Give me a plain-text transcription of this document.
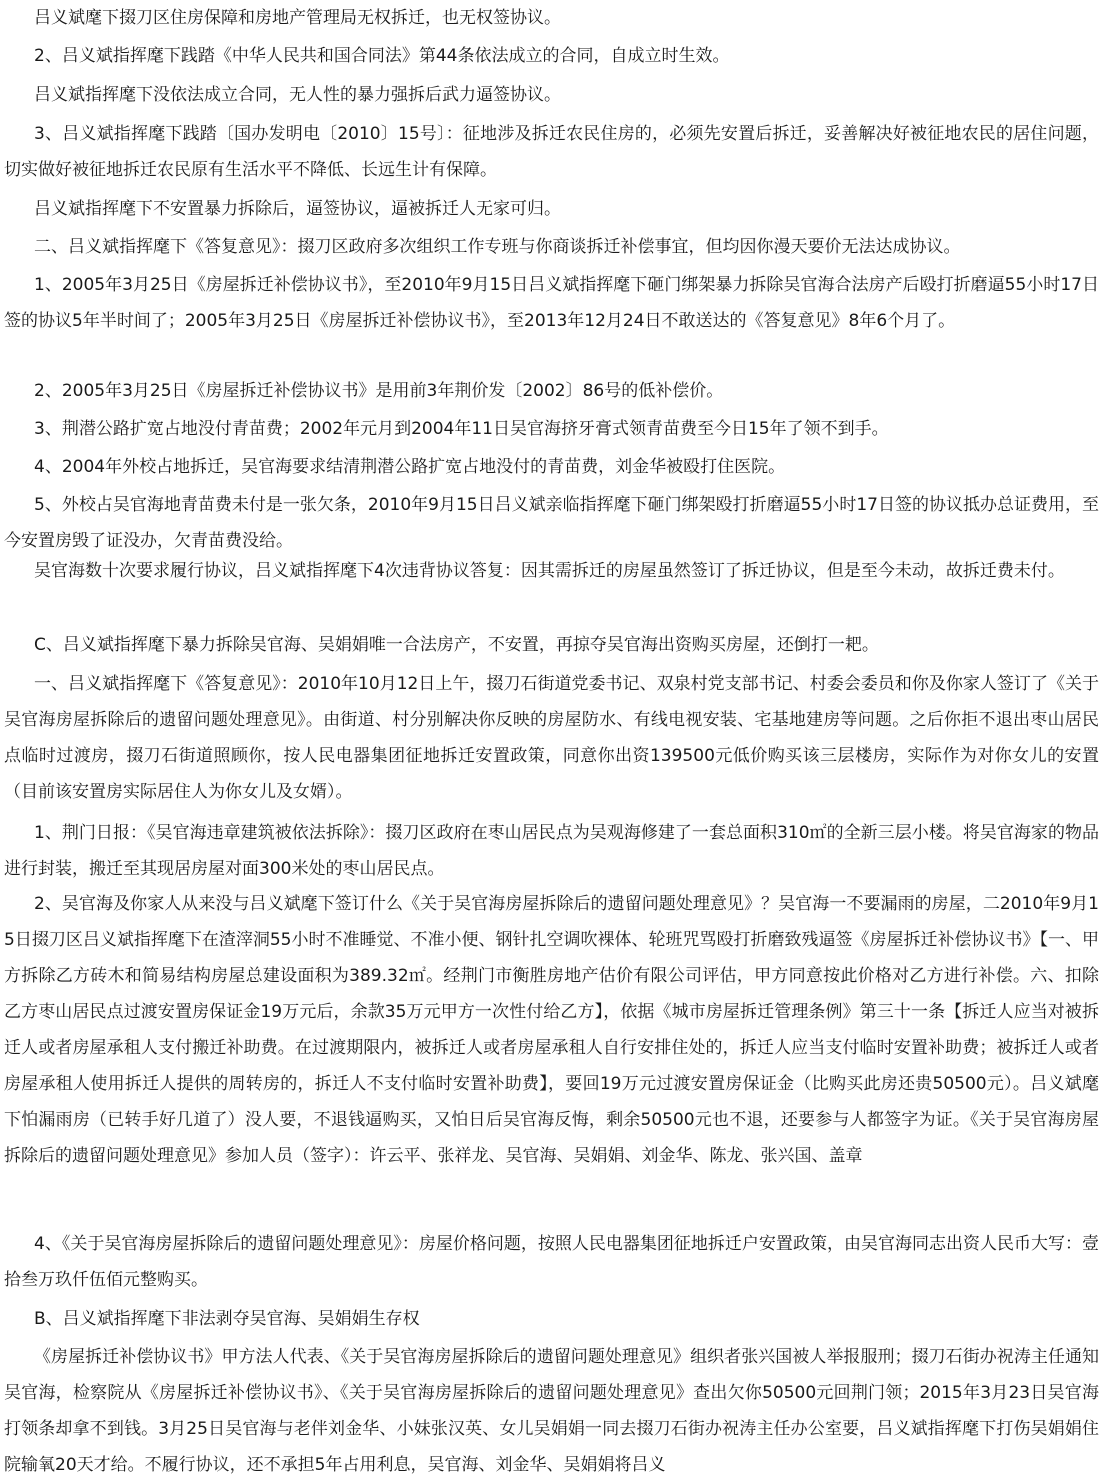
吕义斌麾下掇刀区住房保障和房地产管理局无权拆迁，也无权签协议。

2、吕义斌指挥麾下践踏《中华人民共和国合同法》第44条依法成立的合同，自成立时生效。

吕义斌指挥麾下没依法成立合同，无人性的暴力强拆后武力逼签协议。

3、吕义斌指挥麾下践踏〔国办发明电〔2010〕15号〕：征地涉及拆迁农民住房的，必须先安置后拆迁，妥善解决好被征地农民的居住问题，切实做好被征地拆迁农民原有生活水平不降低、长远生计有保障。

吕义斌指挥麾下不安置暴力拆除后，逼签协议，逼被拆迁人无家可归。

二、吕义斌指挥麾下《答复意见》：掇刀区政府多次组织工作专班与你商谈拆迁补偿事宜，但均因你漫天要价无法达成协议。

1、2005年3月25日《房屋拆迁补偿协议书》，至2010年9月15日吕义斌指挥麾下砸门绑架暴力拆除吴官海合法房产后殴打折磨逼55小时17日签的协议5年半时间了；2005年3月25日《房屋拆迁补偿协议书》，至2013年12月24日不敢送达的《答复意见》8年6个月了。

2、2005年3月25日《房屋拆迁补偿协议书》是用前3年荆价发〔2002〕86号的低补偿价。

3、荆潜公路扩宽占地没付青苗费；2002年元月到2004年11日吴官海挤牙膏式领青苗费至今日15年了领不到手。

4、2004年外校占地拆迁，吴官海要求结清荆潜公路扩宽占地没付的青苗费，刘金华被殴打住医院。

5、外校占吴官海地青苗费未付是一张欠条，2010年9月15日吕义斌亲临指挥麾下砸门绑架殴打折磨逼55小时17日签的协议抵办总证费用，至今安置房毁了证没办，欠青苗费没给。

吴官海数十次要求履行协议，吕义斌指挥麾下4次违背协议答复：因其需拆迁的房屋虽然签订了拆迁协议，但是至今未动，故拆迁费未付。

C、吕义斌指挥麾下暴力拆除吴官海、吴娟娟唯一合法房产，不安置，再掠夺吴官海出资购买房屋，还倒打一耙。

一、吕义斌指挥麾下《答复意见》：2010年10月12日上午，掇刀石街道党委书记、双泉村党支部书记、村委会委员和你及你家人签订了《关于吴官海房屋拆除后的遗留问题处理意见》。由街道、村分别解决你反映的房屋防水、有线电视安装、宅基地建房等问题。之后你拒不退出枣山居民点临时过渡房，掇刀石街道照顾你，按人民电器集团征地拆迁安置政策，同意你出资139500元低价购买该三层楼房，实际作为对你女儿的安置（目前该安置房实际居住人为你女儿及女婿）。

1、荆门日报：《吴官海违章建筑被依法拆除》：掇刀区政府在枣山居民点为吴观海修建了一套总面积310㎡的全新三层小楼。将吴官海家的物品进行封装，搬迁至其现居房屋对面300米处的枣山居民点。

2、吴官海及你家人从来没与吕义斌麾下签订什么《关于吴官海房屋拆除后的遗留问题处理意见》？吴官海一不要漏雨的房屋，二2010年9月15日掇刀区吕义斌指挥麾下在渣滓洞55小时不准睡觉、不准小便、钢针扎空调吹裸体、轮班咒骂殴打折磨致残逼签《房屋拆迁补偿协议书》【一、甲方拆除乙方砖木和简易结构房屋总建设面积为389.32㎡。经荆门市衡胜房地产估价有限公司评估，甲方同意按此价格对乙方进行补偿。六、扣除乙方枣山居民点过渡安置房保证金19万元后，余款35万元甲方一次性付给乙方】，依据《城市房屋拆迁管理条例》第三十一条【拆迁人应当对被拆迁人或者房屋承租人支付搬迁补助费。在过渡期限内，被拆迁人或者房屋承租人自行安排住处的，拆迁人应当支付临时安置补助费；被拆迁人或者房屋承租人使用拆迁人提供的周转房的，拆迁人不支付临时安置补助费】，要回19万元过渡安置房保证金（比购买此房还贵50500元）。吕义斌麾下怕漏雨房（已转手好几道了）没人要，不退钱逼购买，又怕日后吴官海反悔，剩余50500元也不退，还要参与人都签字为证。《关于吴官海房屋拆除后的遗留问题处理意见》参加人员（签字）：许云平、张祥龙、吴官海、吴娟娟、刘金华、陈龙、张兴国、盖章

4、《关于吴官海房屋拆除后的遗留问题处理意见》：房屋价格问题，按照人民电器集团征地拆迁户安置政策，由吴官海同志出资人民币大写：壹拾叁万玖仟伍佰元整购买。

B、吕义斌指挥麾下非法剥夺吴官海、吴娟娟生存权

《房屋拆迁补偿协议书》甲方法人代表、《关于吴官海房屋拆除后的遗留问题处理意见》组织者张兴国被人举报服刑；掇刀石街办祝涛主任通知吴官海，检察院从《房屋拆迁补偿协议书》、《关于吴官海房屋拆除后的遗留问题处理意见》查出欠你50500元回荆门领；2015年3月23日吴官海打领条却拿不到钱。3月25日吴官海与老伴刘金华、小妹张汉英、女儿吴娟娟一同去掇刀石街办祝涛主任办公室要，吕义斌指挥麾下打伤吴娟娟住院输氧20天才给。不履行协议，还不承担5年占用利息，吴官海、刘金华、吴娟娟将吕义
